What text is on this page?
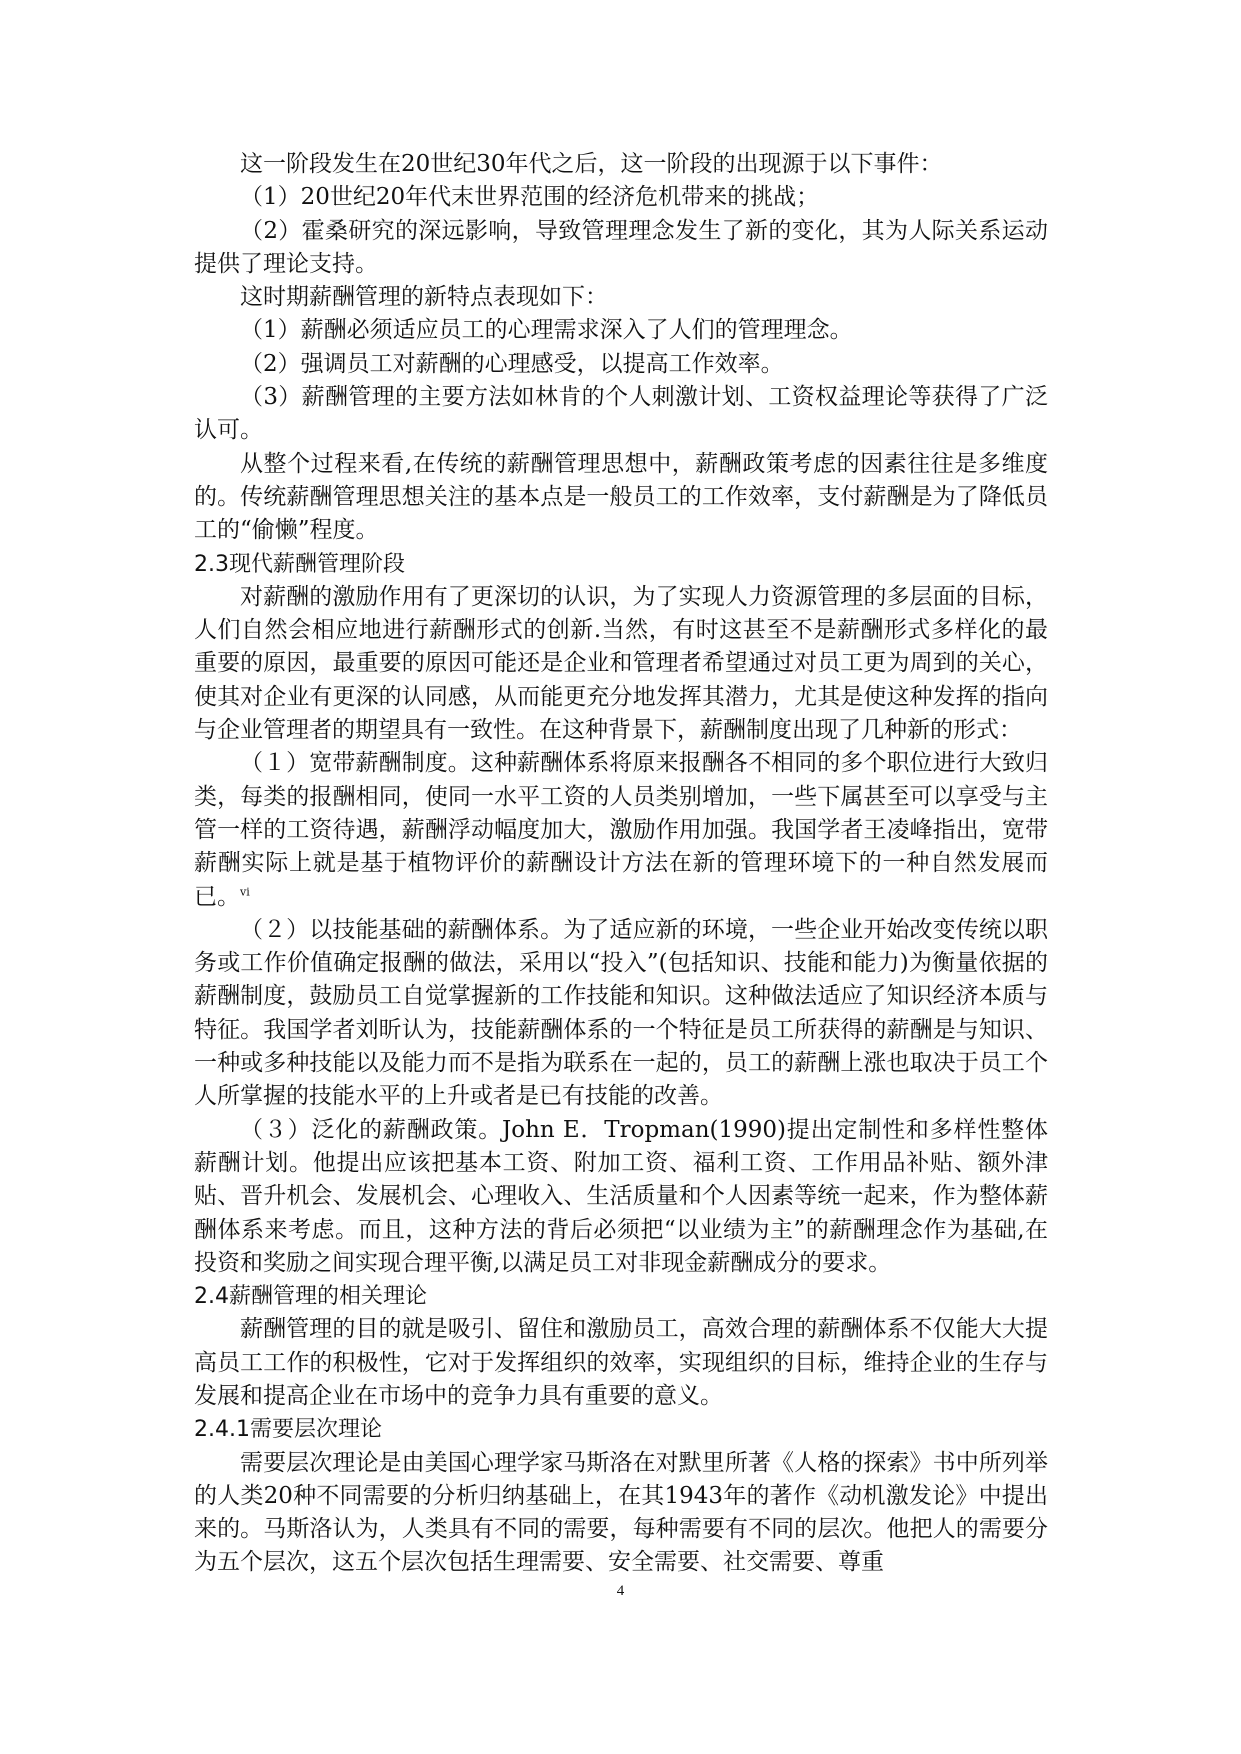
这一阶段发生在20世纪30年代之后，这一阶段的出现源于以下事件：

（1）20世纪20年代末世界范围的经济危机带来的挑战；

（2）霍桑研究的深远影响，导致管理理念发生了新的变化，其为人际关系运动提供了理论支持。

这时期薪酬管理的新特点表现如下：

（1）薪酬必须适应员工的心理需求深入了人们的管理理念。

（2）强调员工对薪酬的心理感受，以提高工作效率。

（3）薪酬管理的主要方法如林肯的个人刺激计划、工资权益理论等获得了广泛认可。

从整个过程来看,在传统的薪酬管理思想中，薪酬政策考虑的因素往往是多维度的。传统薪酬管理思想关注的基本点是一般员工的工作效率，支付薪酬是为了降低员工的“偷懒”程度。

2.3现代薪酬管理阶段

对薪酬的激励作用有了更深切的认识，为了实现人力资源管理的多层面的目标，人们自然会相应地进行薪酬形式的创新.当然，有时这甚至不是薪酬形式多样化的最重要的原因，最重要的原因可能还是企业和管理者希望通过对员工更为周到的关心，使其对企业有更深的认同感，从而能更充分地发挥其潜力，尤其是使这种发挥的指向与企业管理者的期望具有一致性。在这种背景下，薪酬制度出现了几种新的形式：

（１）宽带薪酬制度。这种薪酬体系将原来报酬各不相同的多个职位进行大致归类，每类的报酬相同，使同一水平工资的人员类别增加，一些下属甚至可以享受与主管一样的工资待遇，薪酬浮动幅度加大，激励作用加强。我国学者王凌峰指出，宽带薪酬实际上就是基于植物评价的薪酬设计方法在新的管理环境下的一种自然发展而已。$^{vi}$

（２）以技能基础的薪酬体系。为了适应新的环境，一些企业开始改变传统以职务或工作价值确定报酬的做法，采用以“投入”(包括知识、技能和能力)为衡量依据的薪酬制度，鼓励员工自觉掌握新的工作技能和知识。这种做法适应了知识经济本质与特征。我国学者刘昕认为，技能薪酬体系的一个特征是员工所获得的薪酬是与知识、一种或多种技能以及能力而不是指为联系在一起的，员工的薪酬上涨也取决于员工个人所掌握的技能水平的上升或者是已有技能的改善。

（３）泛化的薪酬政策。John E．Tropman(1990)提出定制性和多样性整体薪酬计划。他提出应该把基本工资、附加工资、福利工资、工作用品补贴、额外津贴、晋升机会、发展机会、心理收入、生活质量和个人因素等统一起来，作为整体薪酬体系来考虑。而且，这种方法的背后必须把“以业绩为主”的薪酬理念作为基础,在投资和奖励之间实现合理平衡,以满足员工对非现金薪酬成分的要求。

2.4薪酬管理的相关理论

薪酬管理的目的就是吸引、留住和激励员工，高效合理的薪酬体系不仅能大大提高员工工作的积极性，它对于发挥组织的效率，实现组织的目标，维持企业的生存与发展和提高企业在市场中的竞争力具有重要的意义。

2.4.1需要层次理论

需要层次理论是由美国心理学家马斯洛在对默里所著《人格的探索》书中所列举的人类20种不同需要的分析归纳基础上，在其1943年的著作《动机激发论》中提出来的。马斯洛认为，人类具有不同的需要，每种需要有不同的层次。他把人的需要分为五个层次，这五个层次包括生理需要、安全需要、社交需要、尊重

4
